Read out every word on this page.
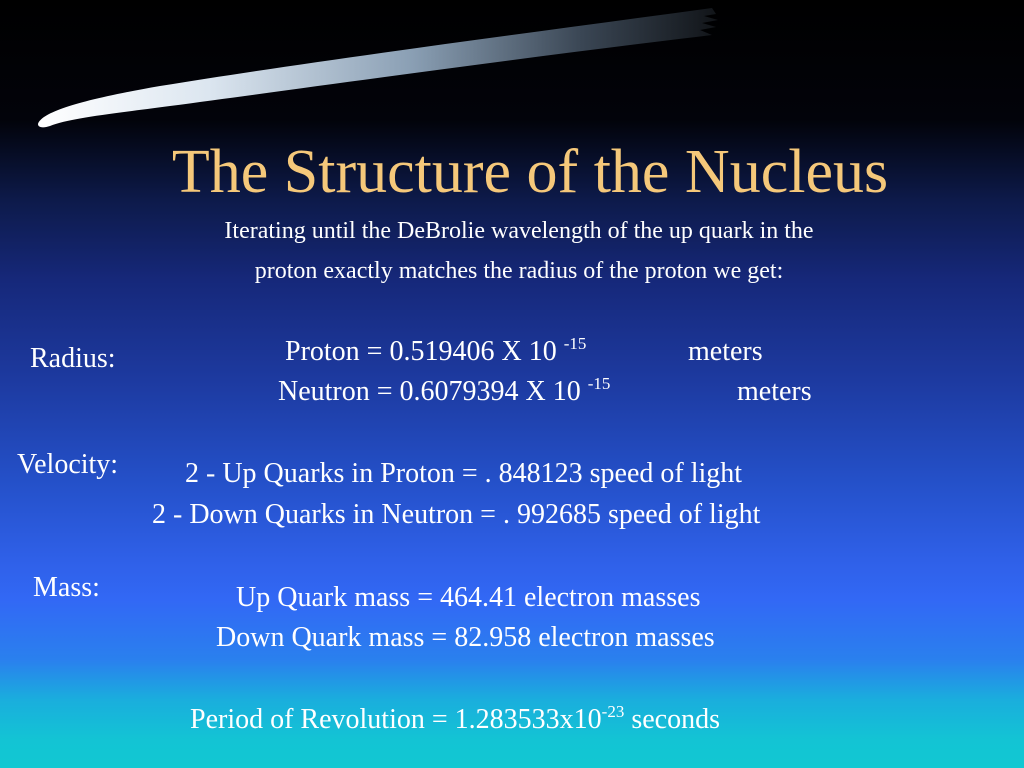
The Structure of the Nucleus
Iterating until the DeBrolie wavelength of the up quark in the
proton exactly matches the radius of the proton we get:
Radius:	Proton = 0.519406 X 10 $^{-15}$	meters
Neutron = 0.6079394 X 10 $^{-15}$	meters
Velocity: 2 - Up Quarks in Proton = . 848123 speed of light
2 - Down Quarks in Neutron = . 992685 speed of light
Mass:	Up Quark mass = 464.41 electron masses
Down Quark mass = 82.958 electron masses
Period of Revolution = $1.283533x10^{-23}$ seconds
